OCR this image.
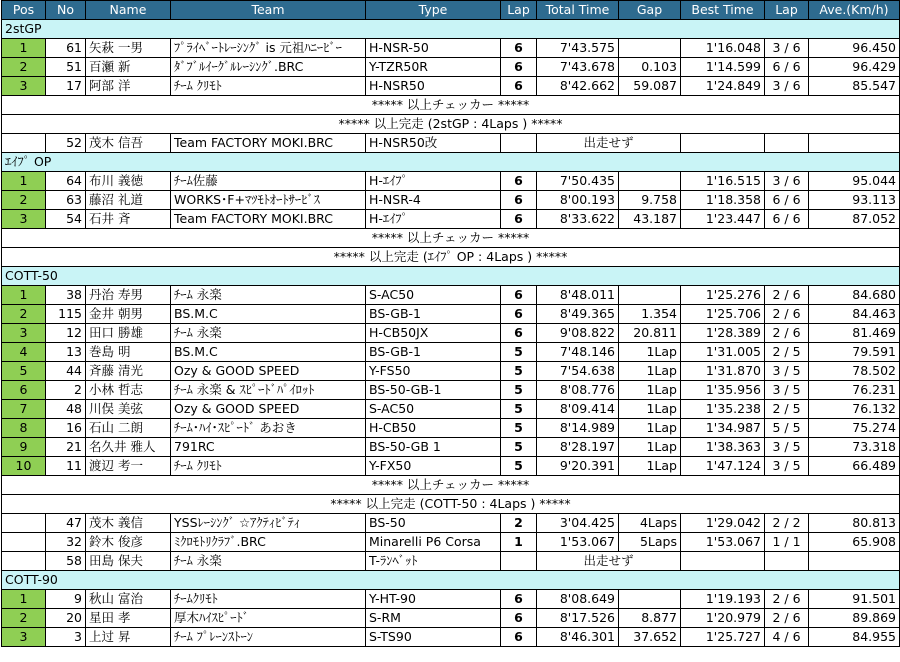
Pos	No	Name	Team	Type	Lap	Total Time	Gap	Best Time	Lap	Ave.(Km/h)
2stGP										
1	61	矢萩 一男	ﾌﾟﾗｲﾍﾞｰﾄﾚｰｼﾝｸﾞ is 元祖ﾊﾆｰﾋﾞｰ	H-NSR-50	6	7'43.575		1'16.048	3 / 6	96.450
2	51	百瀬 新	ﾀﾞﾌﾞﾙｲｰｸﾞﾙﾚｰｼﾝｸﾞ.BRC	Y-TZR50R	6	7'43.678	0.103	1'14.599	6 / 6	96.429
3	17	阿部 洋	ﾁｰﾑ ｸﾘﾓﾄ	H-NSR50	6	8'42.662	59.087	1'24.849	3 / 6	85.547
***** 以上チェッカー *****										
***** 以上完走 (2stGP : 4Laps ) *****										
	52	茂木 信吾	Team FACTORY MOKI.BRC	H-NSR50改		出走せず				
ｴｲﾌﾟ OP										
1	64	布川 義徳	ﾁｰﾑ佐藤	H-ｴｲﾌﾟ	6	7'50.435		1'16.515	3 / 6	95.044
2	63	藤沼 礼道	WORKS･F+ﾏﾂﾓﾄｵｰﾄｻｰﾋﾞｽ	H-NSR-4	6	8'00.193	9.758	1'18.358	6 / 6	93.113
3	54	石井 斉	Team FACTORY MOKI.BRC	H-ｴｲﾌﾟ	6	8'33.622	43.187	1'23.447	6 / 6	87.052
***** 以上チェッカー *****										
***** 以上完走 (ｴｲﾌﾟ OP : 4Laps ) *****										
COTT-50										
1	38	丹治 寿男	ﾁｰﾑ 永楽	S-AC50	6	8'48.011		1'25.276	2 / 6	84.680
2	115	金井 朝男	BS.M.C	BS-GB-1	6	8'49.365	1.354	1'25.706	2 / 6	84.463
3	12	田口 勝雄	ﾁｰﾑ 永楽	H-CB50JX	6	9'08.822	20.811	1'28.389	2 / 6	81.469
4	13	巻島 明	BS.M.C	BS-GB-1	5	7'48.146	1Lap	1'31.005	2 / 5	79.591
5	44	斉藤 清光	Ozy & GOOD SPEED	Y-FS50	5	7'54.638	1Lap	1'31.870	3 / 5	78.502
6	2	小林 哲志	ﾁｰﾑ 永楽 & ｽﾋﾟｰﾄﾞﾊﾟｲﾛｯﾄ	BS-50-GB-1	5	8'08.776	1Lap	1'35.956	3 / 5	76.231
7	48	川俣 美弦	Ozy & GOOD SPEED	S-AC50	5	8'09.414	1Lap	1'35.238	2 / 5	76.132
8	16	石山 二朗	ﾁｰﾑ･ﾊｲ･ｽﾋﾟｰﾄﾞ あおき	H-CB50	5	8'14.989	1Lap	1'34.987	5 / 5	75.274
9	21	名久井 雅人	791RC	BS-50-GB 1	5	8'28.197	1Lap	1'38.363	3 / 5	73.318
10	11	渡辺 考一	ﾁｰﾑ ｸﾘﾓﾄ	Y-FX50	5	9'20.391	1Lap	1'47.124	3 / 5	66.489
***** 以上チェッカー *****										
***** 以上完走 (COTT-50 : 4Laps ) *****										
	47	茂木 義信	YSSﾚｰｼﾝｸﾞ ☆ｱｸﾃｨﾋﾞﾃｨ	BS-50	2	3'04.425	4Laps	1'29.042	2 / 2	80.813
	32	鈴木 俊彦	ﾐｸﾛﾓﾄﾘｸﾗﾌﾞ.BRC	Minarelli P6 Corsa	1	1'53.067	5Laps	1'53.067	1 / 1	65.908
	58	田島 保夫	ﾁｰﾑ 永楽	T-ﾗﾝﾍﾞｯﾄ		出走せず				
COTT-90										
1	9	秋山 富治	ﾁｰﾑｸﾘﾓﾄ	Y-HT-90	6	8'08.649		1'19.193	2 / 6	91.501
2	20	星田 孝	厚木ﾊｲｽﾋﾟｰﾄﾞ	S-RM	6	8'17.526	8.877	1'20.979	2 / 6	89.869
3	3	上过 昇	ﾁｰﾑ ﾌﾟﾚｰﾝｽﾄｰﾝ	S-TS90	6	8'46.301	37.652	1'25.727	4 / 6	84.955
